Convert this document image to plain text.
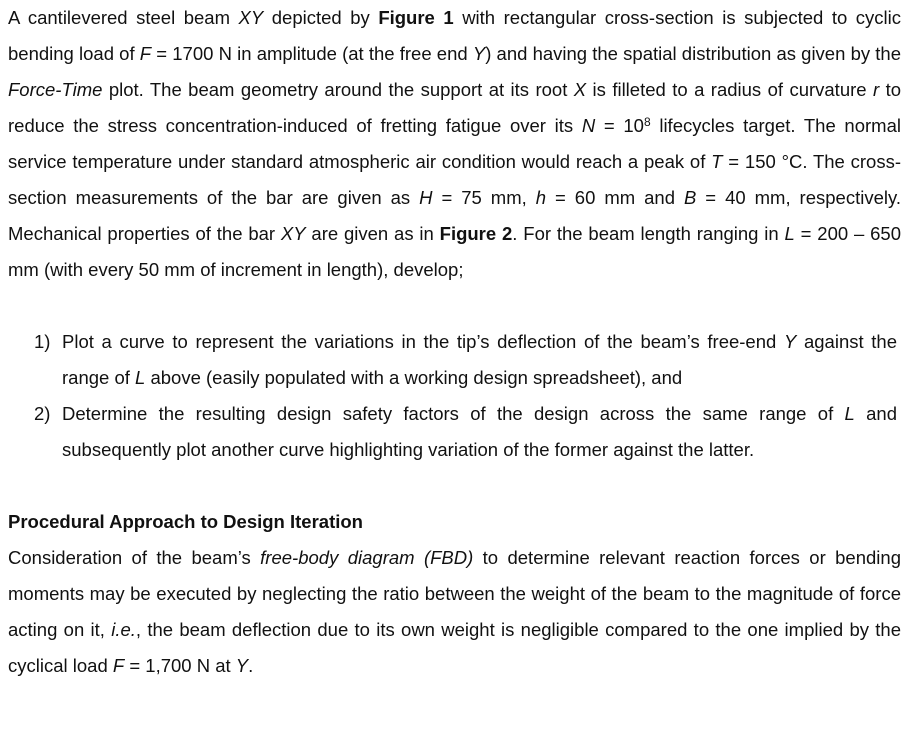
A cantilevered steel beam XY depicted by Figure 1 with rectangular cross-section is subjected to cyclic bending load of F = 1700 N in amplitude (at the free end Y) and having the spatial distribution as given by the Force-Time plot. The beam geometry around the support at its root X is filleted to a radius of curvature r to reduce the stress concentration-induced of fretting fatigue over its $N = 10^8$ lifecycles target. The normal service temperature under standard atmospheric air condition would reach a peak of T = 150 °C. The cross-section measurements of the bar are given as H = 75 mm, h = 60 mm and B = 40 mm, respectively. Mechanical properties of the bar XY are given as in Figure 2. For the beam length ranging in L = 200 – 650 mm (with every 50 mm of increment in length), develop;

1) Plot a curve to represent the variations in the tip’s deflection of the beam’s free-end Y against the range of L above (easily populated with a working design spreadsheet), and
2) Determine the resulting design safety factors of the design across the same range of L and subsequently plot another curve highlighting variation of the former against the latter.
Procedural Approach to Design Iteration

Consideration of the beam’s free-body diagram (FBD) to determine relevant reaction forces or bending moments may be executed by neglecting the ratio between the weight of the beam to the magnitude of force acting on it, i.e., the beam deflection due to its own weight is negligible compared to the one implied by the cyclical load F = 1,700 N at Y.
